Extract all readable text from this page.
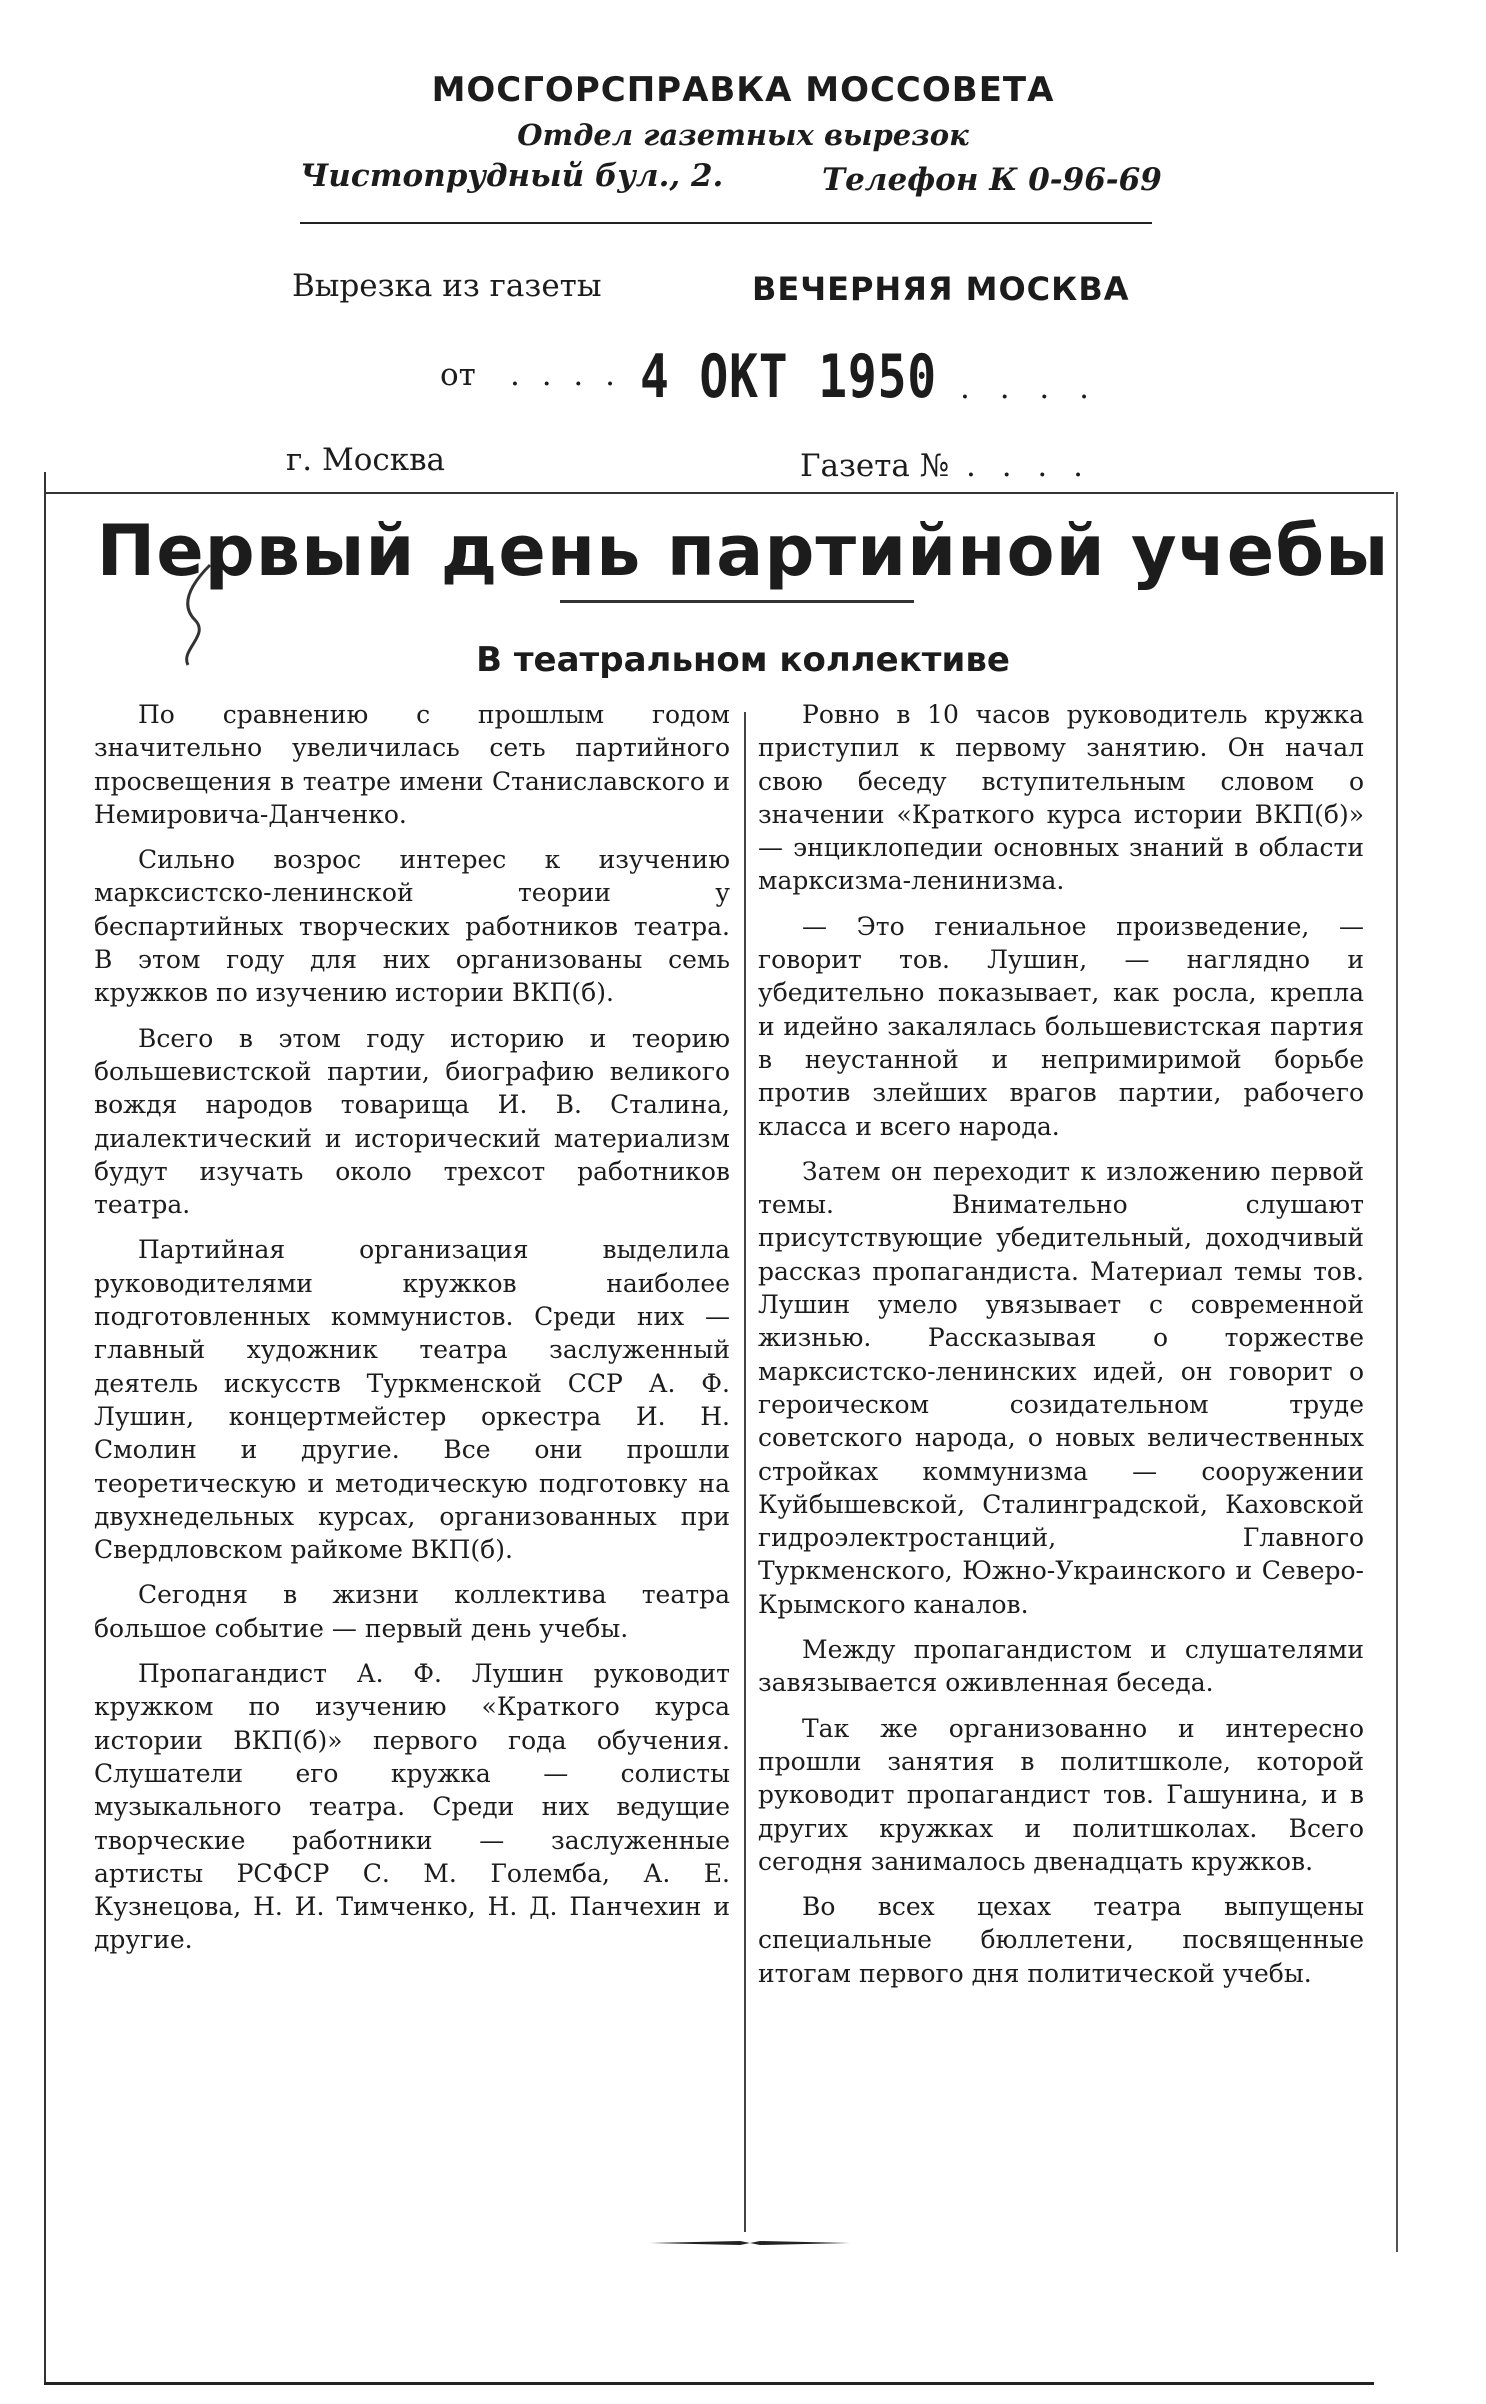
МОСГОРСПРАВКА МОССОВЕТА
Отдел газетных вырезок
Чистопрудный бул., 2.	Телефон К 0-96-69
Вырезка из газеты	ВЕЧЕРНЯЯ МОСКВА
от . . . . 4 ОКТ 1950 . . . .
г. Москва	Газета № . . . .
Первый день партийной учебы
В театральном коллективе

По сравнению с прошлым годом значительно увеличилась сеть партийного просвещения в театре имени Станиславского и Немировича-Данченко.

Сильно возрос интерес к изучению марксистско-ленинской теории у беспартийных творческих работников театра. В этом году для них организованы семь кружков по изучению истории ВКП(б).

Всего в этом году историю и теорию большевистской партии, биографию великого вождя народов товарища И. В. Сталина, диалектический и исторический материализм будут изучать около трехсот работников театра.

Партийная организация выделила руководителями кружков наиболее подготовленных коммунистов. Среди них — главный художник театра заслуженный деятель искусств Туркменской ССР А. Ф. Лушин, концертмейстер оркестра И. Н. Смолин и другие. Все они прошли теоретическую и методическую подготовку на двухнедельных курсах, организованных при Свердловском райкоме ВКП(б).

Сегодня в жизни коллектива театра большое событие — первый день учебы.

Пропагандист А. Ф. Лушин руководит кружком по изучению «Краткого курса истории ВКП(б)» первого года обучения. Слушатели его кружка — солисты музыкального театра. Среди них ведущие творческие работники — заслуженные артисты РСФСР С. М. Големба, А. Е. Кузнецова, Н. И. Тимченко, Н. Д. Панчехин и другие.

Ровно в 10 часов руководитель кружка приступил к первому занятию. Он начал свою беседу вступительным словом о значении «Краткого курса истории ВКП(б)» — энциклопедии основных знаний в области марксизма-ленинизма.

— Это гениальное произведение, — говорит тов. Лушин, — наглядно и убедительно показывает, как росла, крепла и идейно закалялась большевистская партия в неустанной и непримиримой борьбе против злейших врагов партии, рабочего класса и всего народа.

Затем он переходит к изложению первой темы. Внимательно слушают присутствующие убедительный, доходчивый рассказ пропагандиста. Материал темы тов. Лушин умело увязывает с современной жизнью. Рассказывая о торжестве марксистско-ленинских идей, он говорит о героическом созидательном труде советского народа, о новых величественных стройках коммунизма — сооружении Куйбышевской, Сталинградской, Каховской гидроэлектростанций, Главного Туркменского, Южно-Украинского и Северо-Крымского каналов.

Между пропагандистом и слушателями завязывается оживленная беседа.

Так же организованно и интересно прошли занятия в политшколе, которой руководит пропагандист тов. Гашунина, и в других кружках и политшколах. Всего сегодня занималось двенадцать кружков.

Во всех цехах театра выпущены специальные бюллетени, посвященные итогам первого дня политической учебы.
